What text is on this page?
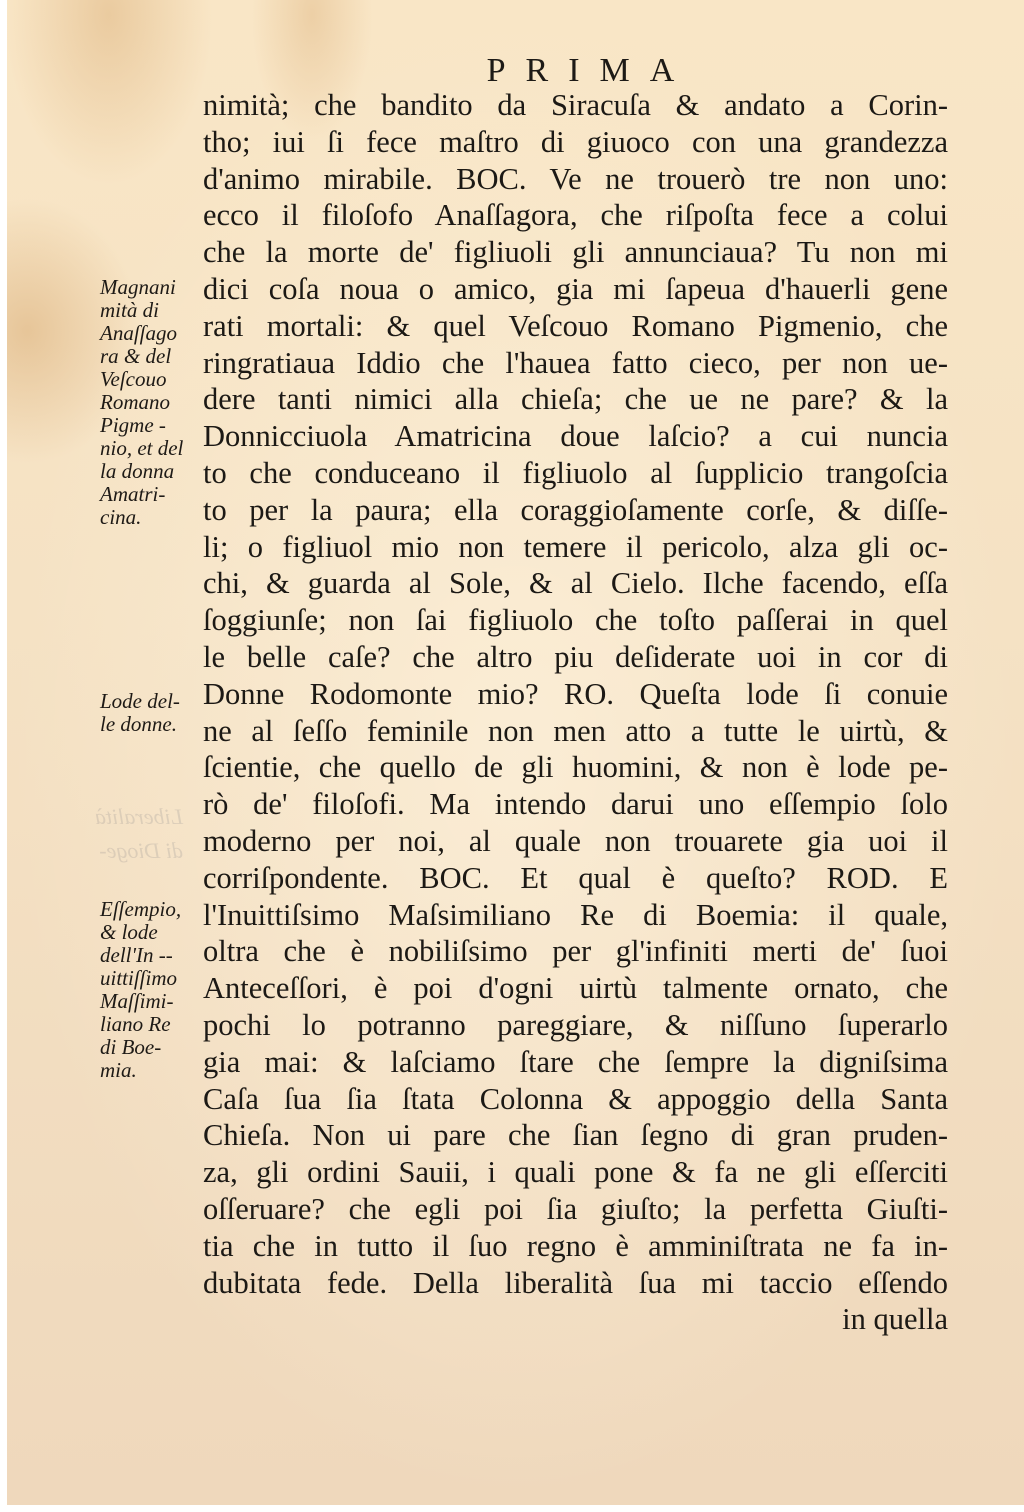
Liberalità
di Dioge-
PRIMA
Magnani
mità di
Anaſſago
ra & del
Veſcouo
Romano
Pigme -
nio, et del
la donna
Amatri-
cina.
Lode del-
le donne.
Eſſempio,
& lode
dell'In --
uittiſſimo
Maſſimi-
liano Re
di Boe-
mia.
nimità; che bandito da Siracuſa & andato a Corin-
tho; iui ſi fece maſtro di giuoco con una grandezza
d'animo mirabile. BOC. Ve ne trouerò tre non uno:
ecco il filoſofo Anaſſagora, che riſpoſta fece a colui
che la morte de' figliuoli gli annunciaua? Tu non mi
dici coſa noua o amico, gia mi ſapeua d'hauerli gene
rati mortali: & quel Veſcouo Romano Pigmenio, che
ringratiaua Iddio che l'hauea fatto cieco, per non ue-
dere tanti nimici alla chieſa; che ue ne pare? & la
Donnicciuola Amatricina doue laſcio? a cui nuncia
to che conduceano il figliuolo al ſupplicio trangoſcia
to per la paura; ella coraggioſamente corſe, & diſſe-
li; o figliuol mio non temere il pericolo, alza gli oc-
chi, & guarda al Sole, & al Cielo. Ilche facendo, eſſa
ſoggiunſe; non ſai figliuolo che toſto paſſerai in quel
le belle caſe? che altro piu deſiderate uoi in cor di
Donne Rodomonte mio? RO. Queſta lode ſi conuie
ne al ſeſſo feminile non men atto a tutte le uirtù, &
ſcientie, che quello de gli huomini, & non è lode pe-
rò de' filoſofi. Ma intendo darui uno eſſempio ſolo
moderno per noi, al quale non trouarete gia uoi il
corriſpondente. BOC. Et qual è queſto? ROD. E
l'Inuittiſsimo Maſsimiliano Re di Boemia: il quale,
oltra che è nobiliſsimo per gl'infiniti merti de' ſuoi
Anteceſſori, è poi d'ogni uirtù talmente ornato, che
pochi lo potranno pareggiare, & niſſuno ſuperarlo
gia mai: & laſciamo ſtare che ſempre la digniſsima
Caſa ſua ſia ſtata Colonna & appoggio della Santa
Chieſa. Non ui pare che ſian ſegno di gran pruden-
za, gli ordini Sauii, i quali pone & fa ne gli eſſerciti
oſſeruare? che egli poi ſia giuſto; la perfetta Giuſti-
tia che in tutto il ſuo regno è amminiſtrata ne fa in-
dubitata fede. Della liberalità ſua mi taccio eſſendo
in quella
